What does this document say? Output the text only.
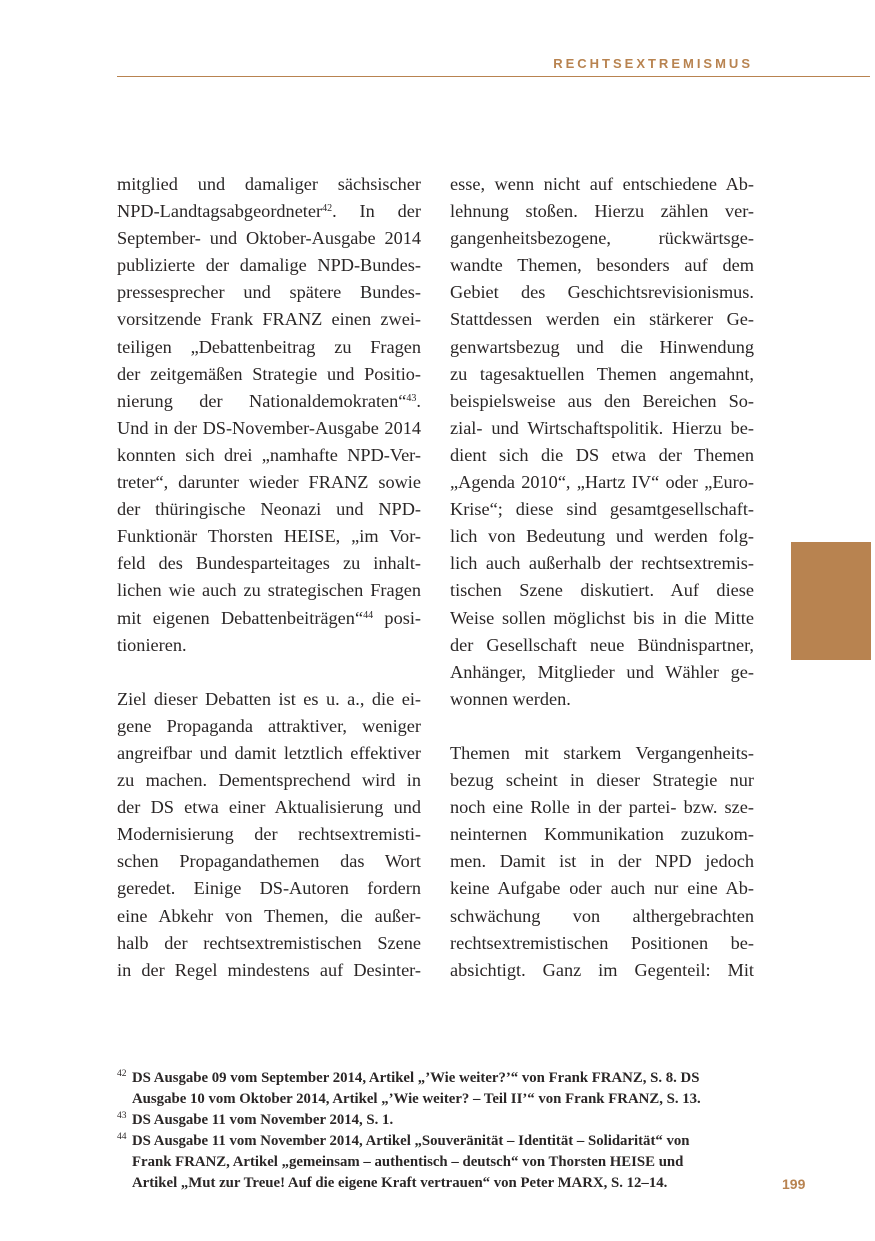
RECHTSEXTREMISMUS

mitglied und damaliger sächsischer
NPD-Landtagsabgeordneter$^{42}$. In der
September- und Oktober-Ausgabe 2014
publizierte der damalige NPD-Bundes-
pressesprecher und spätere Bundes-
vorsitzende Frank FRANZ einen zwei-
teiligen „Debattenbeitrag zu Fragen
der zeitgemäßen Strategie und Positio-
nierung der Nationaldemokraten“$^{43}$.
Und in der DS-November-Ausgabe 2014
konnten sich drei „namhafte NPD-Ver-
treter“, darunter wieder FRANZ sowie
der thüringische Neonazi und NPD-
Funktionär Thorsten HEISE, „im Vor-
feld des Bundesparteitages zu inhalt-
lichen wie auch zu strategischen Fragen
mit eigenen Debattenbeiträgen“$^{44}$ posi-
tionieren.

Ziel dieser Debatten ist es u. a., die ei-
gene Propaganda attraktiver, weniger
angreifbar und damit letztlich effektiver
zu machen. Dementsprechend wird in
der DS etwa einer Aktualisierung und
Modernisierung der rechtsextremisti-
schen Propagandathemen das Wort
geredet. Einige DS-Autoren fordern
eine Abkehr von Themen, die außer-
halb der rechtsextremistischen Szene
in der Regel mindestens auf Desinter-

esse, wenn nicht auf entschiedene Ab-
lehnung stoßen. Hierzu zählen ver-
gangenheitsbezogene, rückwärtsge-
wandte Themen, besonders auf dem
Gebiet des Geschichtsrevisionismus.
Stattdessen werden ein stärkerer Ge-
genwartsbezug und die Hinwendung
zu tagesaktuellen Themen angemahnt,
beispielsweise aus den Bereichen So-
zial- und Wirtschaftspolitik. Hierzu be-
dient sich die DS etwa der Themen
„Agenda 2010“, „Hartz IV“ oder „Euro-
Krise“; diese sind gesamtgesellschaft-
lich von Bedeutung und werden folg-
lich auch außerhalb der rechtsextremis-
tischen Szene diskutiert. Auf diese
Weise sollen möglichst bis in die Mitte
der Gesellschaft neue Bündnispartner,
Anhänger, Mitglieder und Wähler ge-
wonnen werden.

Themen mit starkem Vergangenheits-
bezug scheint in dieser Strategie nur
noch eine Rolle in der partei- bzw. sze-
neinternen Kommunikation zuzukom-
men. Damit ist in der NPD jedoch
keine Aufgabe oder auch nur eine Ab-
schwächung von althergebrachten
rechtsextremistischen Positionen be-
absichtigt. Ganz im Gegenteil: Mit

42 DS Ausgabe 09 vom September 2014, Artikel „’Wie weiter?’“ von Frank FRANZ, S. 8. DS
Ausgabe 10 vom Oktober 2014, Artikel „’Wie weiter? – Teil II’“ von Frank FRANZ, S. 13.
43 DS Ausgabe 11 vom November 2014, S. 1.
44 DS Ausgabe 11 vom November 2014, Artikel „Souveränität – Identität – Solidarität“ von
Frank FRANZ, Artikel „gemeinsam – authentisch – deutsch“ von Thorsten HEISE und
Artikel „Mut zur Treue! Auf die eigene Kraft vertrauen“ von Peter MARX, S. 12–14.	199
